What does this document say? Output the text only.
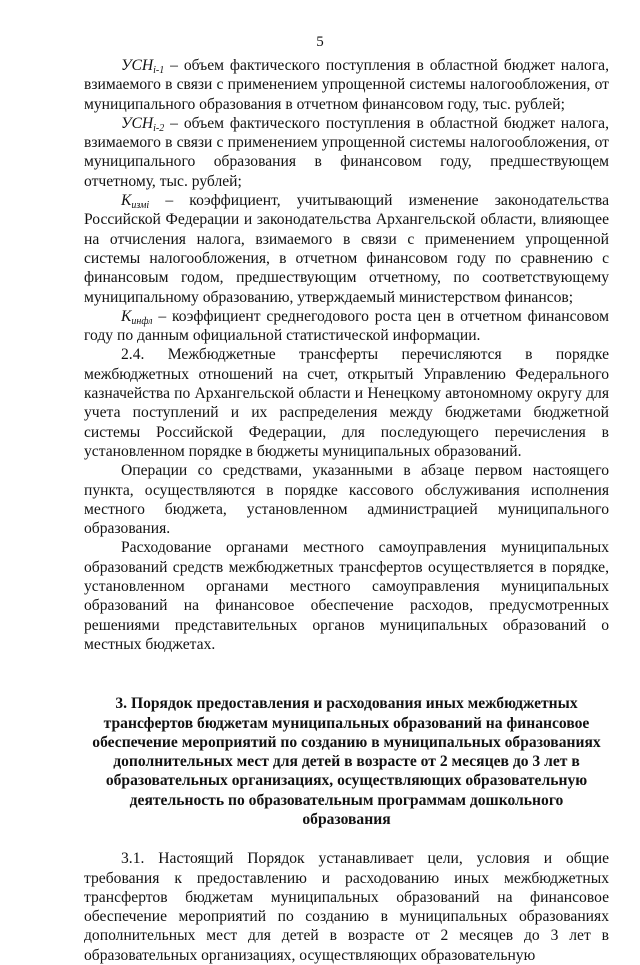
5

$УСН_{i-1}$ – объем фактического поступления в областной бюджет налога, взимаемого в связи с применением упрощенной системы налогообложения, от муниципального образования в отчетном финансовом году, тыс. рублей;

$УСН_{i-2}$ – объем фактического поступления в областной бюджет налога, взимаемого в связи с применением упрощенной системы налогообложения, от муниципального образования в финансовом году, предшествующем отчетному, тыс. рублей;

$К_{измi}$ – коэффициент, учитывающий изменение законодательства Российской Федерации и законодательства Архангельской области, влияющее на отчисления налога, взимаемого в связи с применением упрощенной системы налогообложения, в отчетном финансовом году по сравнению с финансовым годом, предшествующим отчетному, по соответствующему муниципальному образованию, утверждаемый министерством финансов;

$К_{инфл}$ – коэффициент среднегодового роста цен в отчетном финансовом году по данным официальной статистической информации.

2.4. Межбюджетные трансферты перечисляются в порядке межбюджетных отношений на счет, открытый Управлению Федерального казначейства по Архангельской области и Ненецкому автономному округу для учета поступлений и их распределения между бюджетами бюджетной системы Российской Федерации, для последующего перечисления в установленном порядке в бюджеты муниципальных образований.

Операции со средствами, указанными в абзаце первом настоящего пункта, осуществляются в порядке кассового обслуживания исполнения местного бюджета, установленном администрацией муниципального образования.

Расходование органами местного самоуправления муниципальных образований средств межбюджетных трансфертов осуществляется в порядке, установленном органами местного самоуправления муниципальных образований на финансовое обеспечение расходов, предусмотренных решениями представительных органов муниципальных образований о местных бюджетах.

3. Порядок предоставления и расходования иных межбюджетных
трансфертов бюджетам муниципальных образований на финансовое
обеспечение мероприятий по созданию в муниципальных образованиях
дополнительных мест для детей в возрасте от 2 месяцев до 3 лет в
образовательных организациях, осуществляющих образовательную
деятельность по образовательным программам дошкольного образования

3.1. Настоящий Порядок устанавливает цели, условия и общие требования к предоставлению и расходованию иных межбюджетных трансфертов бюджетам муниципальных образований на финансовое обеспечение мероприятий по созданию в муниципальных образованиях дополнительных мест для детей в возрасте от 2 месяцев до 3 лет в образовательных организациях, осуществляющих образовательную
